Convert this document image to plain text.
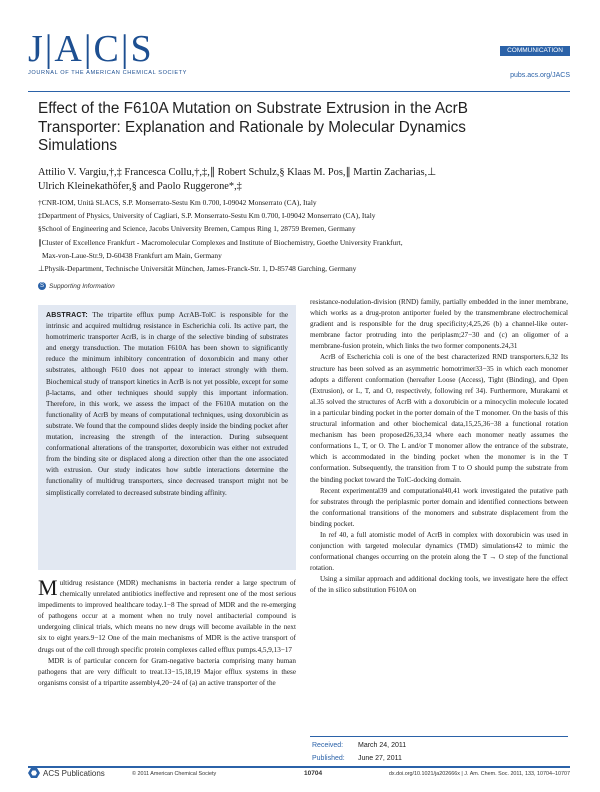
J|A|C|S
JOURNAL OF THE AMERICAN CHEMICAL SOCIETY
COMMUNICATION
pubs.acs.org/JACS
Effect of the F610A Mutation on Substrate Extrusion in the AcrB Transporter: Explanation and Rationale by Molecular Dynamics Simulations
Attilio V. Vargiu,†,‡ Francesca Collu,†,‡,∥ Robert Schulz,§ Klaas M. Pos,∥ Martin Zacharias,⊥
Ulrich Kleinekathöfer,§ and Paolo Ruggerone*,‡
†CNR-IOM, Unità SLACS, S.P. Monserrato-Sestu Km 0.700, I-09042 Monserrato (CA), Italy
‡Department of Physics, University of Cagliari, S.P. Monserrato-Sestu Km 0.700, I-09042 Monserrato (CA), Italy
§School of Engineering and Science, Jacobs University Bremen, Campus Ring 1, 28759 Bremen, Germany
∥Cluster of Excellence Frankfurt - Macromolecular Complexes and Institute of Biochemistry, Goethe University Frankfurt,
Max-von-Laue-Str.9, D-60438 Frankfurt am Main, Germany
⊥Physik-Department, Technische Universität München, James-Franck-Str. 1, D-85748 Garching, Germany
S Supporting Information
ABSTRACT: The tripartite efflux pump AcrAB-TolC is responsible for the intrinsic and acquired multidrug resistance in Escherichia coli. Its active part, the homotrimeric transporter AcrB, is in charge of the selective binding of substrates and energy transduction. The mutation F610A has been shown to significantly reduce the minimum inhibitory concentration of doxorubicin and many other substrates, although F610 does not appear to interact strongly with them. Biochemical study of transport kinetics in AcrB is not yet possible, except for some β-lactams, and other techniques should supply this important information. Therefore, in this work, we assess the impact of the F610A mutation on the functionality of AcrB by means of computational techniques, using doxorubicin as substrate. We found that the compound slides deeply inside the binding pocket after mutation, increasing the strength of the interaction. During subsequent conformational alterations of the transporter, doxorubicin was either not extruded from the binding site or displaced along a direction other than the one associated with extrusion. Our study indicates how subtle interactions determine the functionality of multidrug transporters, since decreased transport might not be simplistically correlated to decreased substrate binding affinity.

Multidrug resistance (MDR) mechanisms in bacteria render a large spectrum of chemically unrelated antibiotics ineffective and represent one of the most serious impediments to improved healthcare today.1−8 The spread of MDR and the re-emerging of pathogens occur at a moment when no truly novel antibacterial compound is undergoing clinical trials, which means no new drugs will become available in the next six to eight years.9−12 One of the main mechanisms of MDR is the active transport of drugs out of the cell through specific protein complexes called efflux pumps.4,5,9,13−17

MDR is of particular concern for Gram-negative bacteria comprising many human pathogens that are very difficult to treat.13−15,18,19 Major efflux systems in these organisms consist of a tripartite assembly4,20−24 of (a) an active transporter of the

resistance-nodulation-division (RND) family, partially embedded in the inner membrane, which works as a drug-proton antiporter fueled by the transmembrane electrochemical gradient and is responsible for the drug specificity;4,25,26 (b) a channel-like outer-membrane factor protruding into the periplasm;27−30 and (c) an oligomer of a membrane-fusion protein, which links the two former components.24,31

AcrB of Escherichia coli is one of the best characterized RND transporters.6,32 Its structure has been solved as an asymmetric homotrimer33−35 in which each monomer adopts a different conformation (hereafter Loose (Access), Tight (Binding), and Open (Extrusion), or L, T, and O, respectively, following ref 34). Furthermore, Murakami et al.35 solved the structures of AcrB with a doxorubicin or a minocyclin molecule located in a particular binding pocket in the porter domain of the T monomer. On the basis of this structural information and other biochemical data,15,25,36−38 a functional rotation mechanism has been proposed26,33,34 where each monomer neatly assumes the conformations L, T, or O. The L and/or T monomer allow the entrance of the substrate, which is accommodated in the binding pocket when the monomer is in the T conformation. Subsequently, the transition from T to O should pump the substrate from the binding pocket toward the TolC-docking domain.

Recent experimental39 and computational40,41 work investigated the putative path for substrates through the periplasmic porter domain and identified connections between the conformational transitions of the monomers and substrate displacement from the binding pocket.

In ref 40, a full atomistic model of AcrB in complex with doxorubicin was used in conjunction with targeted molecular dynamics (TMD) simulations42 to mimic the conformational changes occurring on the protein along the T → O step of the functional rotation.

Using a similar approach and additional docking tools, we investigate here the effect of the in silico substitution F610A on

Received: March 24, 2011
Published: June 27, 2011
ACS Publications	© 2011 American Chemical Society	10704	dx.doi.org/10.1021/ja202666x | J. Am. Chem. Soc. 2011, 133, 10704–10707
